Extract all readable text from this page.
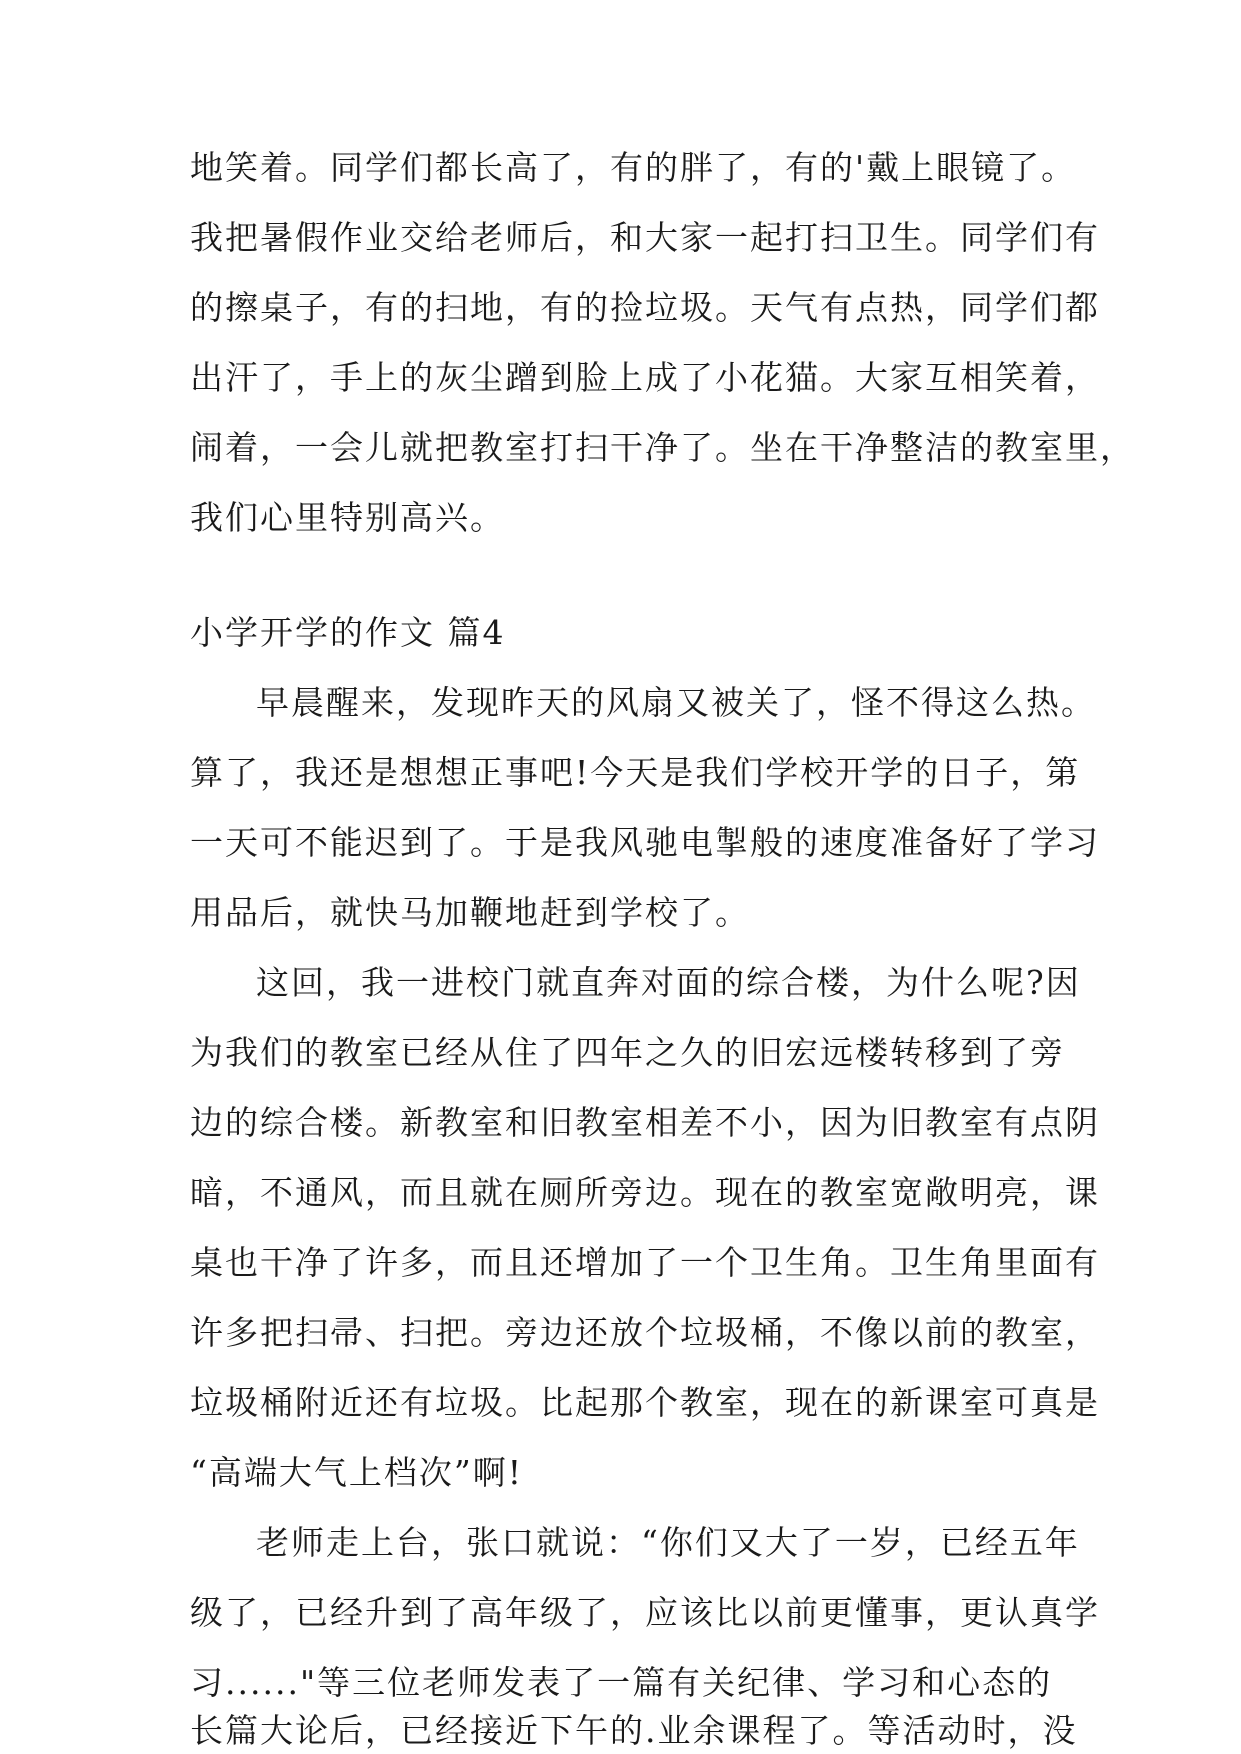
地笑着。同学们都长高了，有的胖了，有的'戴上眼镜了。
我把暑假作业交给老师后，和大家一起打扫卫生。同学们有
的擦桌子，有的扫地，有的捡垃圾。天气有点热，同学们都
出汗了，手上的灰尘蹭到脸上成了小花猫。大家互相笑着，
闹着，一会儿就把教室打扫干净了。坐在干净整洁的教室里，
我们心里特别高兴。
小学开学的作文 篇4
早晨醒来，发现昨天的风扇又被关了，怪不得这么热。
算了，我还是想想正事吧!今天是我们学校开学的日子，第
一天可不能迟到了。于是我风驰电掣般的速度准备好了学习
用品后，就快马加鞭地赶到学校了。
这回，我一进校门就直奔对面的综合楼，为什么呢?因
为我们的教室已经从住了四年之久的旧宏远楼转移到了旁
边的综合楼。新教室和旧教室相差不小，因为旧教室有点阴
暗，不通风，而且就在厕所旁边。现在的教室宽敞明亮，课
桌也干净了许多，而且还增加了一个卫生角。卫生角里面有
许多把扫帚、扫把。旁边还放个垃圾桶，不像以前的教室，
垃圾桶附近还有垃圾。比起那个教室，现在的新课室可真是
“高端大气上档次”啊!
老师走上台，张口就说：“你们又大了一岁，已经五年
级了，已经升到了高年级了，应该比以前更懂事，更认真学
习......"等三位老师发表了一篇有关纪律、学习和心态的
长篇大论后，已经接近下午的.业余课程了。等活动时，没
